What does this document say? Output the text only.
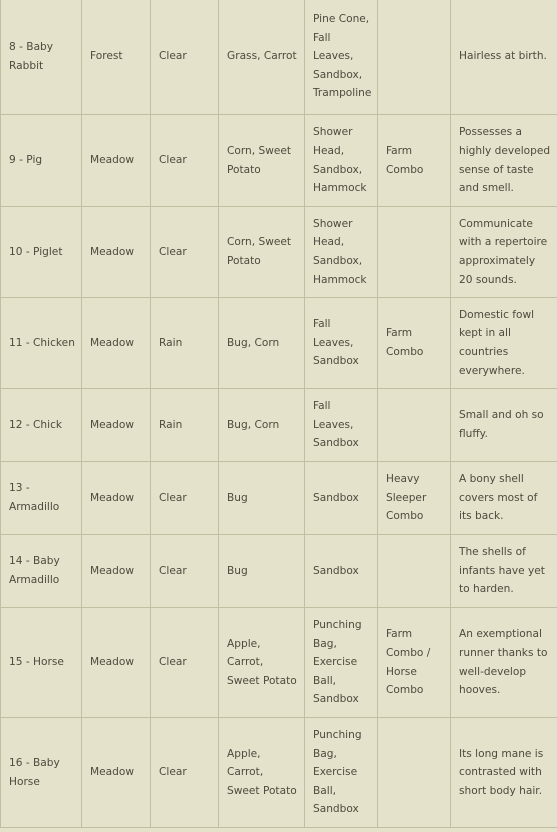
8 - Baby Rabbit	Forest	Clear	Grass, Carrot	Pine Cone, Fall Leaves, Sandbox, Trampoline		Hairless at birth.
9 - Pig	Meadow	Clear	Corn, Sweet Potato	Shower Head, Sandbox, Hammock	Farm Combo	Possesses a highly developed sense of taste and smell.
10 - Piglet	Meadow	Clear	Corn, Sweet Potato	Shower Head, Sandbox, Hammock		Communicate with a repertoire approximately 20 sounds.
11 - Chicken	Meadow	Rain	Bug, Corn	Fall Leaves, Sandbox	Farm Combo	Domestic fowl kept in all countries everywhere.
12 - Chick	Meadow	Rain	Bug, Corn	Fall Leaves, Sandbox		Small and oh so fluffy.
13 - Armadillo	Meadow	Clear	Bug	Sandbox	Heavy Sleeper Combo	A bony shell covers most of its back.
14 - Baby Armadillo	Meadow	Clear	Bug	Sandbox		The shells of infants have yet to harden.
15 - Horse	Meadow	Clear	Apple, Carrot, Sweet Potato	Punching Bag, Exercise Ball, Sandbox	Farm Combo / Horse Combo	An exemptional runner thanks to well-develop hooves.
16 - Baby Horse	Meadow	Clear	Apple, Carrot, Sweet Potato	Punching Bag, Exercise Ball, Sandbox		Its long mane is contrasted with short body hair.
